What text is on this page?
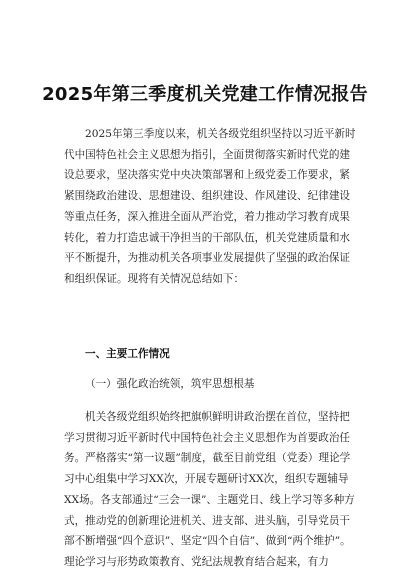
2025年第三季度机关党建工作情况报告
2025年第三季度以来，机关各级党组织坚持以习近平新时代中国特色社会主义思想为指引，全面贯彻落实新时代党的建设总要求，坚决落实党中央决策部署和上级党委工作要求，紧紧围绕政治建设、思想建设、组织建设、作风建设、纪律建设等重点任务，深入推进全面从严治党，着力推动学习教育成果转化，着力打造忠诚干净担当的干部队伍，机关党建质量和水平不断提升，为推动机关各项事业发展提供了坚强的政治保证和组织保证。现将有关情况总结如下：
一、主要工作情况
（一）强化政治统领，筑牢思想根基
机关各级党组织始终把旗帜鲜明讲政治摆在首位，坚持把学习贯彻习近平新时代中国特色社会主义思想作为首要政治任务。严格落实“第一议题”制度，截至目前党组（党委）理论学习中心组集中学习XX次，开展专题研讨XX次，组织专题辅导XX场。各支部通过“三会一课”、主题党日、线上学习等多种方式，推动党的创新理论进机关、进支部、进头脑，引导党员干部不断增强“四个意识”、坚定“四个自信”、做到“两个维护”。理论学习与形势政策教育、党纪法规教育结合起来，有力
